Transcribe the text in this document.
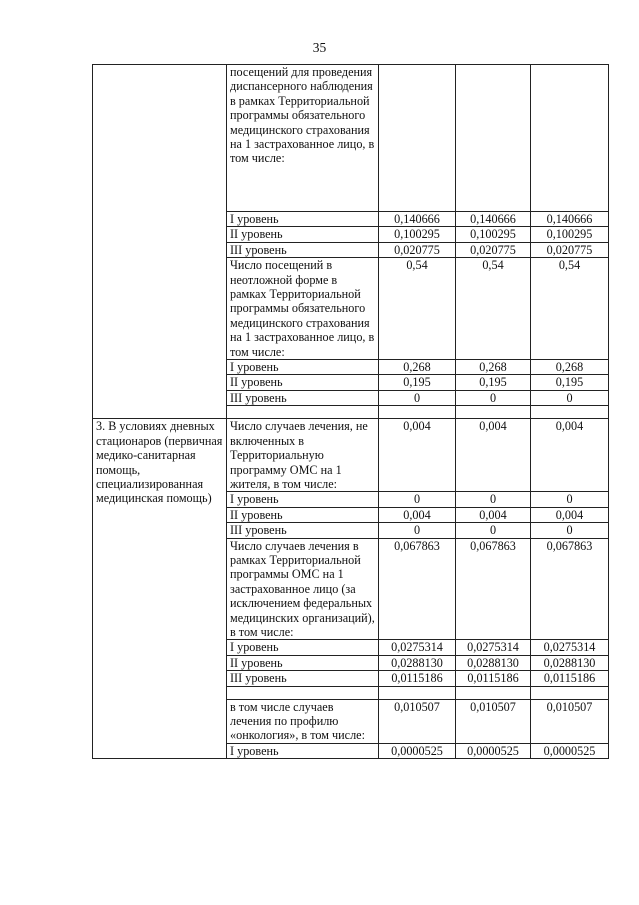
35
	посещений для проведения диспансерного наблюдения в рамках Территориальной программы обязательного медицинского страхования на 1 застрахованное лицо, в том числе:			
	I уровень	0,140666	0,140666	0,140666
	II уровень	0,100295	0,100295	0,100295
	III уровень	0,020775	0,020775	0,020775
	Число посещений в неотложной форме в рамках Территориальной программы обязательного медицинского страхования на 1 застрахованное лицо, в том числе:	0,54	0,54	0,54
	I уровень	0,268	0,268	0,268
	II уровень	0,195	0,195	0,195
	III уровень	0	0	0

3. В условиях дневных стационаров (первичная медико-санитарная помощь, специализированная медицинская помощь)	Число случаев лечения, не включенных в Территориальную программу ОМС на 1 жителя, в том числе:	0,004	0,004	0,004
	I уровень	0	0	0
	II уровень	0,004	0,004	0,004
	III уровень	0	0	0
	Число случаев лечения в рамках Территориальной программы ОМС на 1 застрахованное лицо (за исключением федеральных медицинских организаций), в том числе:	0,067863	0,067863	0,067863
	I уровень	0,0275314	0,0275314	0,0275314
	II уровень	0,0288130	0,0288130	0,0288130
	III уровень	0,0115186	0,0115186	0,0115186

	в том числе случаев лечения по профилю «онкология», в том числе:	0,010507	0,010507	0,010507
	I уровень	0,0000525	0,0000525	0,0000525
